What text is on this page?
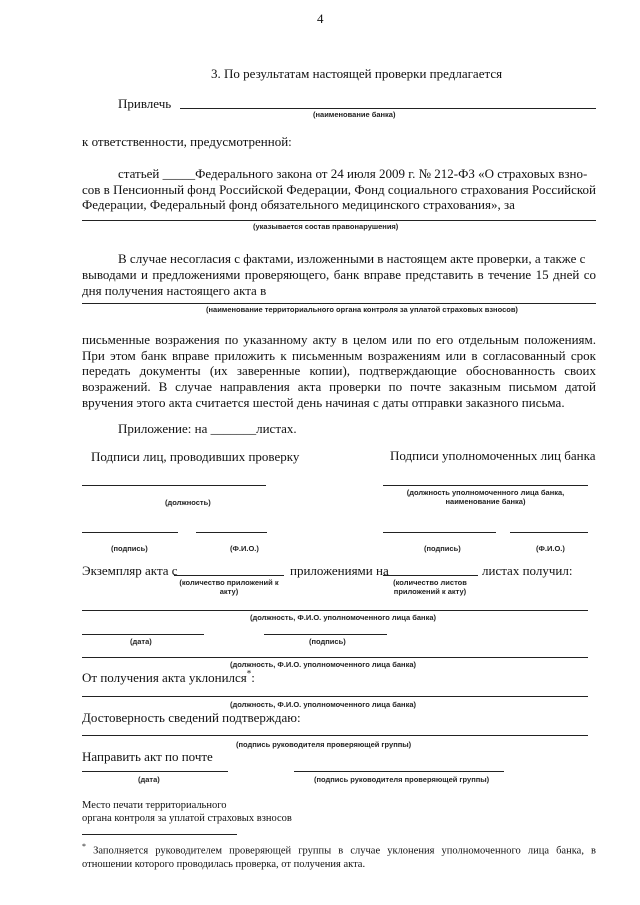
4
3. По результатам настоящей проверки предлагается
Привлечь
(наименование банка)
к ответственности, предусмотренной:
статьей _____Федерального закона от 24 июля 2009 г. № 212-ФЗ «О страховых взно-
сов в Пенсионный фонд Российской Федерации, Фонд социального страхования Российской
Федерации, Федеральный фонд обязательного медицинского страхования», за
(указывается состав правонарушения)
В случае несогласия с фактами, изложенными в настоящем акте проверки, а также с
выводами и предложениями проверяющего, банк вправе представить в течение 15 дней со
дня получения настоящего акта в
(наименование территориального органа контроля за уплатой страховых взносов)
письменные возражения по указанному акту в целом или по его отдельным положениям. При этом банк вправе приложить к письменным возражениям или в согласованный срок передать документы (их заверенные копии), подтверждающие обоснованность своих возражений. В случае направления акта проверки по почте заказным письмом датой вручения этого акта считается шестой день начиная с даты отправки заказного письма.
Приложение: на _______листах.
Подписи лиц, проводивших проверку	Подписи уполномоченных лиц банка
(должность)
(должность уполномоченного лица банка, наименование банка)
(подпись)	(Ф.И.О.)	(подпись)	(Ф.И.О.)
Экземпляр акта с	приложениями на	листах получил:
(количество приложений к акту)
(количество листов приложений к акту)
(должность, Ф.И.О. уполномоченного лица банка)
(дата)	(подпись)
(должность, Ф.И.О. уполномоченного лица банка)
От получения акта уклонился*:
(должность, Ф.И.О. уполномоченного лица банка)
Достоверность сведений подтверждаю:
(подпись руководителя проверяющей группы)
Направить акт по почте
(дата)	(подпись руководителя проверяющей группы)
Место печати территориального
органа контроля за уплатой страховых взносов
* Заполняется руководителем проверяющей группы в случае уклонения уполномоченного лица банка, в отношении которого проводилась проверка, от получения акта.
